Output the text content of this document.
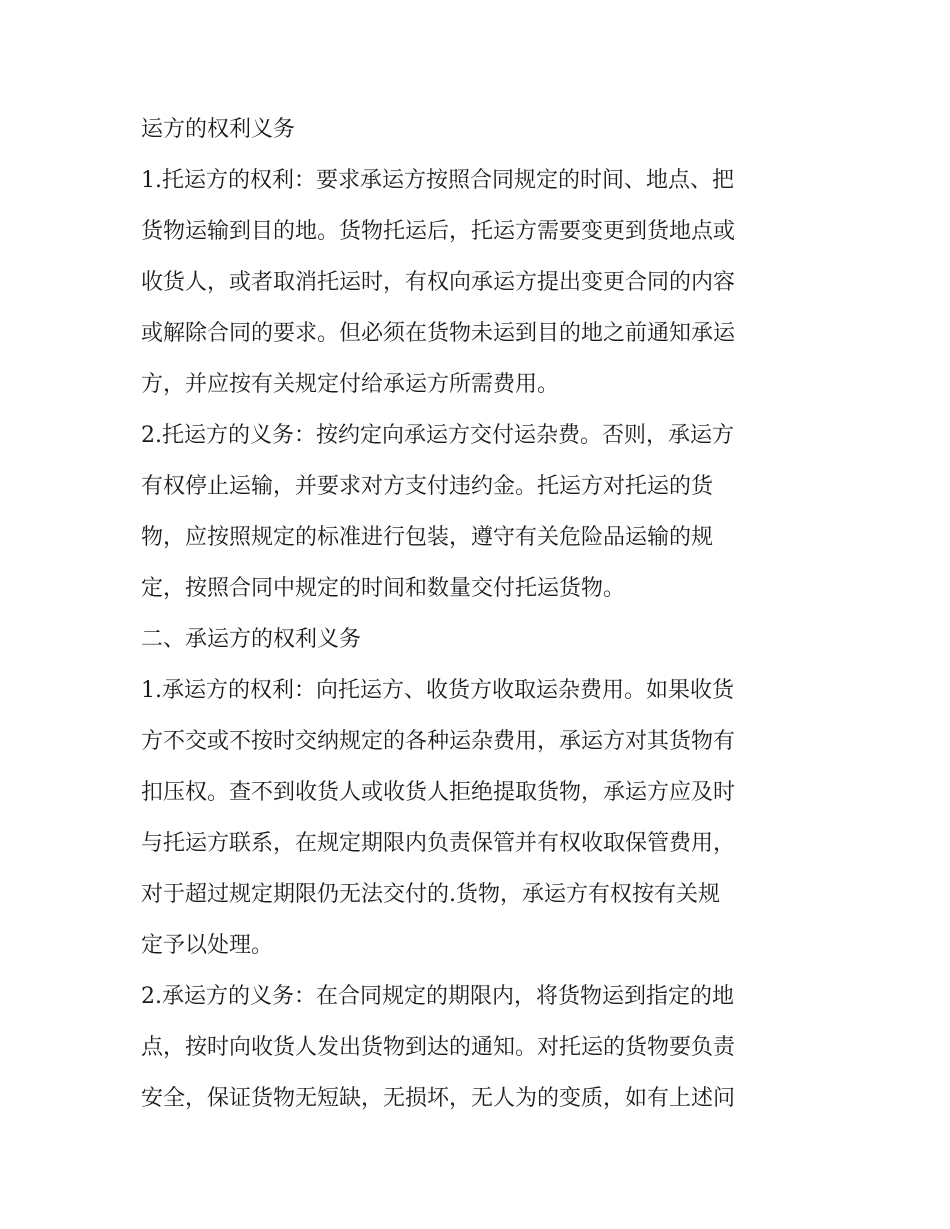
运方的权利义务
1.托运方的权利：要求承运方按照合同规定的时间、地点、把
货物运输到目的地。货物托运后，托运方需要变更到货地点或
收货人，或者取消托运时，有权向承运方提出变更合同的内容
或解除合同的要求。但必须在货物未运到目的地之前通知承运
方，并应按有关规定付给承运方所需费用。
2.托运方的义务：按约定向承运方交付运杂费。否则，承运方
有权停止运输，并要求对方支付违约金。托运方对托运的货
物，应按照规定的标准进行包装，遵守有关危险品运输的规
定，按照合同中规定的时间和数量交付托运货物。
二、承运方的权利义务
1.承运方的权利：向托运方、收货方收取运杂费用。如果收货
方不交或不按时交纳规定的各种运杂费用，承运方对其货物有
扣压权。查不到收货人或收货人拒绝提取货物，承运方应及时
与托运方联系，在规定期限内负责保管并有权收取保管费用，
对于超过规定期限仍无法交付的.货物，承运方有权按有关规
定予以处理。
2.承运方的义务：在合同规定的期限内，将货物运到指定的地
点，按时向收货人发出货物到达的通知。对托运的货物要负责
安全，保证货物无短缺，无损坏，无人为的变质，如有上述问
